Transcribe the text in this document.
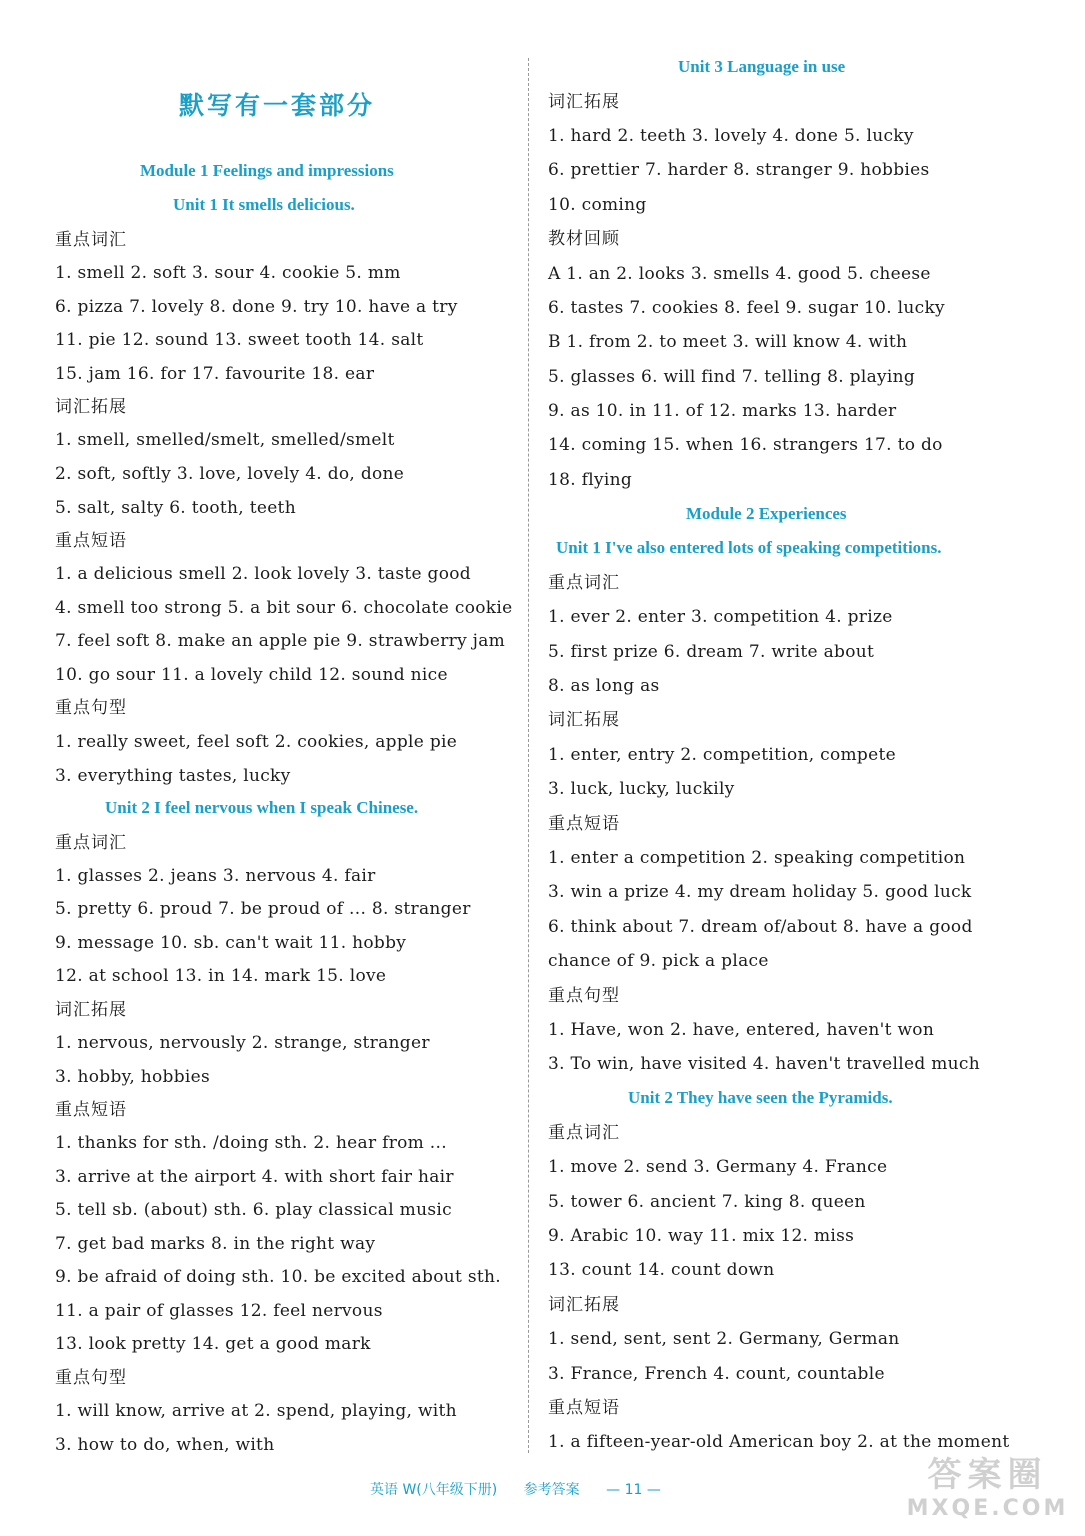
默写有一套部分
Module 1 Feelings and impressions
Unit 1 It smells delicious.
重点词汇
1. smell 2. soft 3. sour 4. cookie 5. mm
6. pizza 7. lovely 8. done 9. try 10. have a try
11. pie 12. sound 13. sweet tooth 14. salt
15. jam 16. for 17. favourite 18. ear
词汇拓展
1. smell, smelled/smelt, smelled/smelt
2. soft, softly 3. love, lovely 4. do, done
5. salt, salty 6. tooth, teeth
重点短语
1. a delicious smell 2. look lovely 3. taste good
4. smell too strong 5. a bit sour 6. chocolate cookie
7. feel soft 8. make an apple pie 9. strawberry jam
10. go sour 11. a lovely child 12. sound nice
重点句型
1. really sweet, feel soft 2. cookies, apple pie
3. everything tastes, lucky
Unit 2 I feel nervous when I speak Chinese.
重点词汇
1. glasses 2. jeans 3. nervous 4. fair
5. pretty 6. proud 7. be proud of ... 8. stranger
9. message 10. sb. can't wait 11. hobby
12. at school 13. in 14. mark 15. love
词汇拓展
1. nervous, nervously 2. strange, stranger
3. hobby, hobbies
重点短语
1. thanks for sth. /doing sth. 2. hear from ...
3. arrive at the airport 4. with short fair hair
5. tell sb. (about) sth. 6. play classical music
7. get bad marks 8. in the right way
9. be afraid of doing sth. 10. be excited about sth.
11. a pair of glasses 12. feel nervous
13. look pretty 14. get a good mark
重点句型
1. will know, arrive at 2. spend, playing, with
3. how to do, when, with
Unit 3 Language in use
词汇拓展
1. hard 2. teeth 3. lovely 4. done 5. lucky
6. prettier 7. harder 8. stranger 9. hobbies
10. coming
教材回顾
A 1. an 2. looks 3. smells 4. good 5. cheese
6. tastes 7. cookies 8. feel 9. sugar 10. lucky
B 1. from 2. to meet 3. will know 4. with
5. glasses 6. will find 7. telling 8. playing
9. as 10. in 11. of 12. marks 13. harder
14. coming 15. when 16. strangers 17. to do
18. flying
Module 2 Experiences
Unit 1 I've also entered lots of speaking competitions.
重点词汇
1. ever 2. enter 3. competition 4. prize
5. first prize 6. dream 7. write about
8. as long as
词汇拓展
1. enter, entry 2. competition, compete
3. luck, lucky, luckily
重点短语
1. enter a competition 2. speaking competition
3. win a prize 4. my dream holiday 5. good luck
6. think about 7. dream of/about 8. have a good
chance of 9. pick a place
重点句型
1. Have, won 2. have, entered, haven't won
3. To win, have visited 4. haven't travelled much
Unit 2 They have seen the Pyramids.
重点词汇
1. move 2. send 3. Germany 4. France
5. tower 6. ancient 7. king 8. queen
9. Arabic 10. way 11. mix 12. miss
13. count 14. count down
词汇拓展
1. send, sent, sent 2. Germany, German
3. France, French 4. count, countable
重点短语
1. a fifteen-year-old American boy 2. at the moment
英语 W(八年级下册) 参考答案 — 11 —	答案圈
MXQE.COM
